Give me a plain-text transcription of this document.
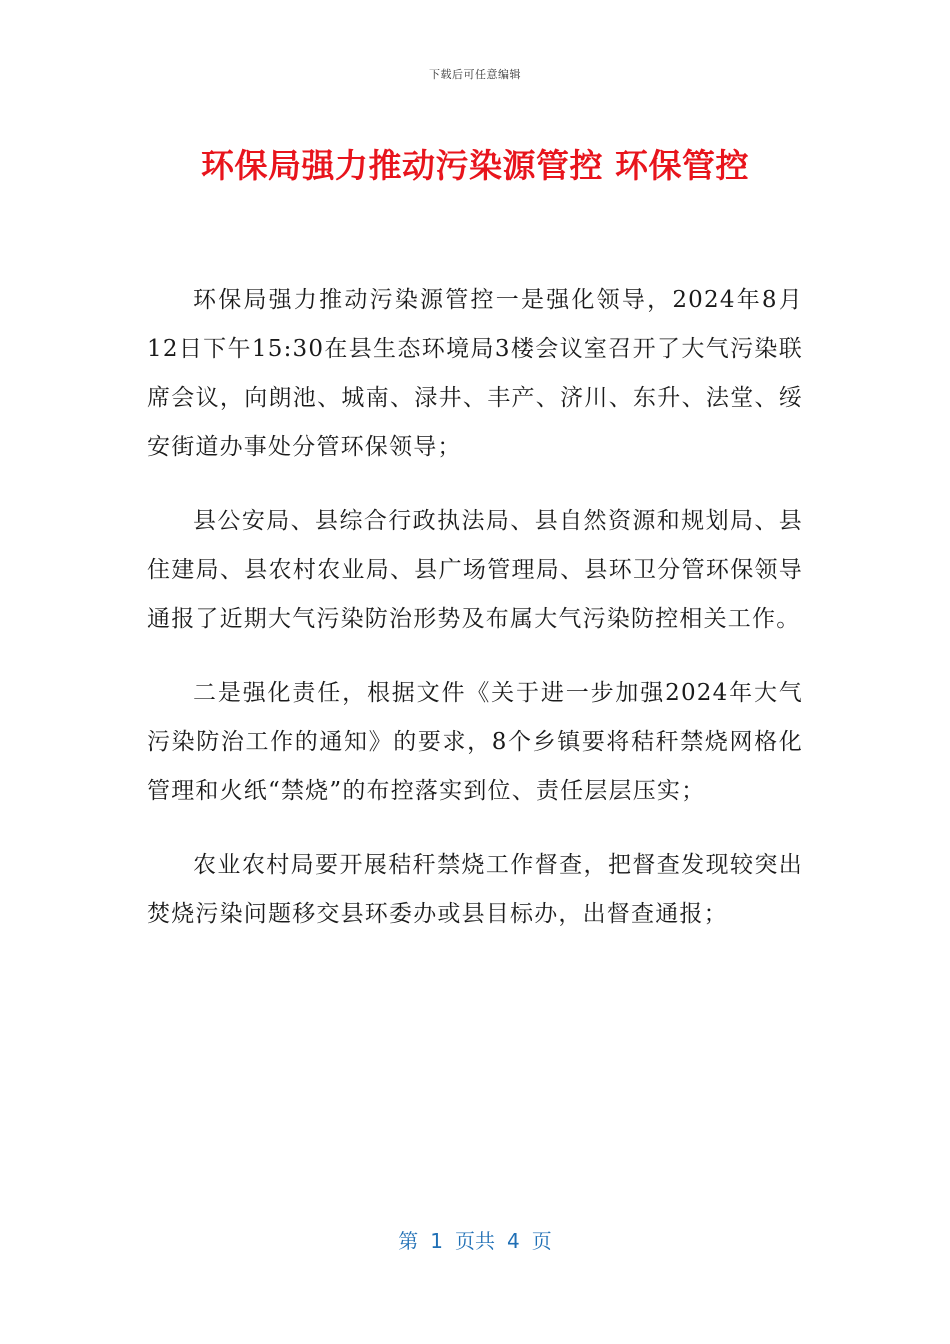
下载后可任意编辑
环保局强力推动污染源管控 环保管控

环保局强力推动污染源管控一是强化领导，2024年8月12日下午15:30在县生态环境局3楼会议室召开了大气污染联席会议，向朗池、城南、渌井、丰产、济川、东升、法堂、绥安街道办事处分管环保领导；

县公安局、县综合行政执法局、县自然资源和规划局、县住建局、县农村农业局、县广场管理局、县环卫分管环保领导通报了近期大气污染防治形势及布属大气污染防控相关工作。

二是强化责任，根据文件《关于进一步加强2024年大气污染防治工作的通知》的要求，8个乡镇要将秸秆禁烧网格化管理和火纸“禁烧”的布控落实到位、责任层层压实；

农业农村局要开展秸秆禁烧工作督查，把督查发现较突出焚烧污染问题移交县环委办或县目标办，出督查通报；

第 1 页共 4 页
